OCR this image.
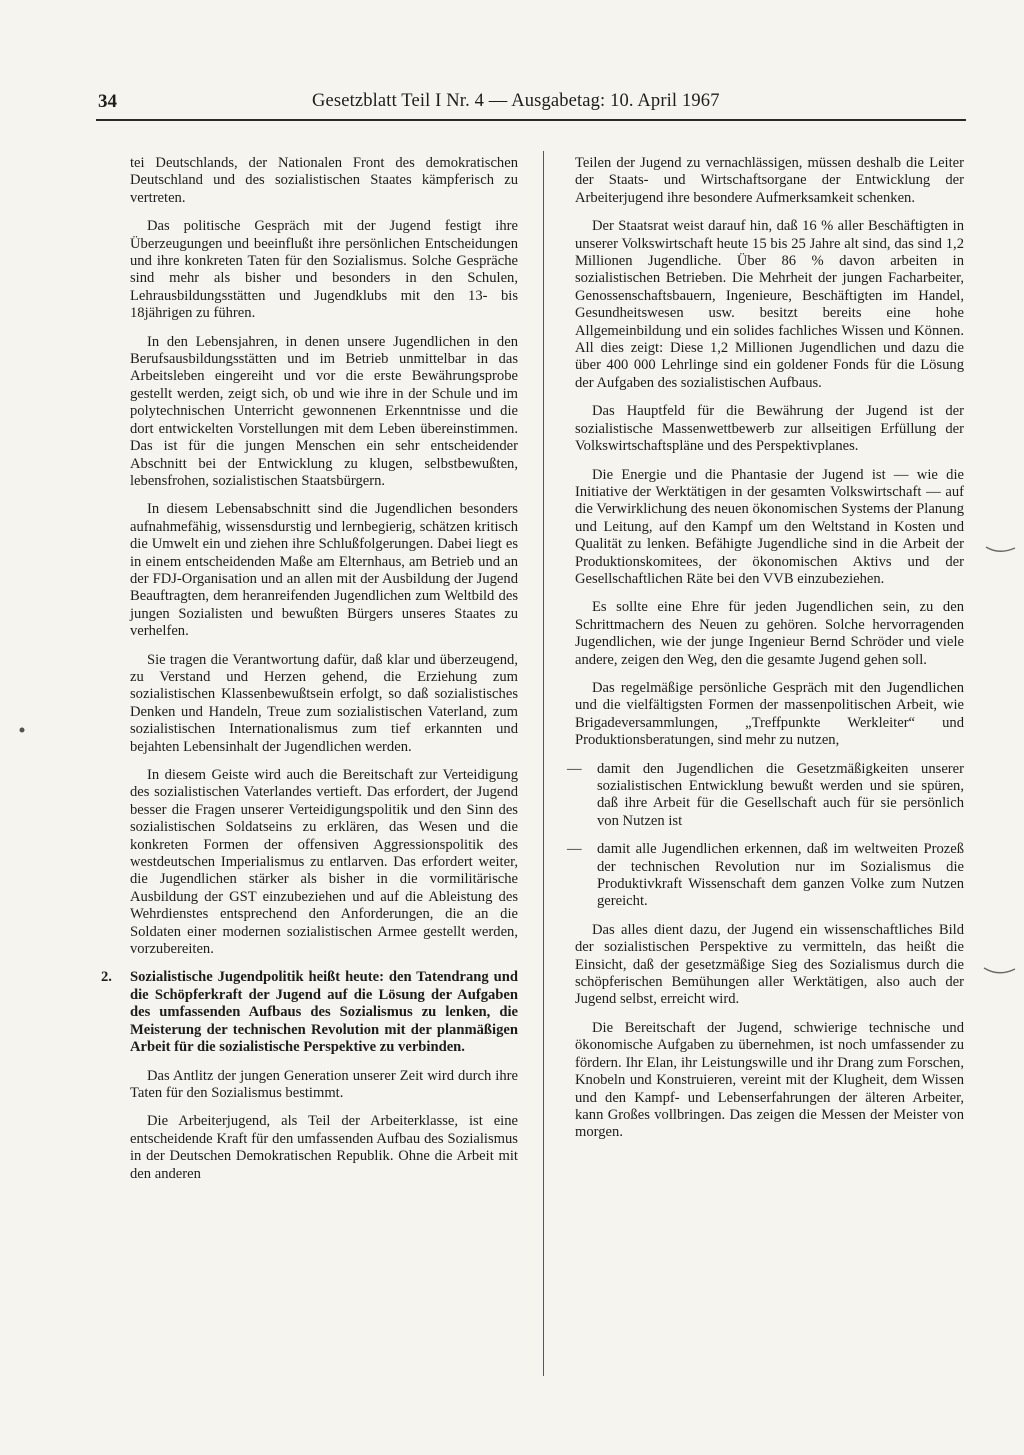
34	Gesetzblatt Teil I Nr. 4 — Ausgabetag: 10. April 1967

tei Deutschlands, der Nationalen Front des demokratischen Deutschland und des sozialistischen Staates kämpferisch zu vertreten.

Das politische Gespräch mit der Jugend festigt ihre Überzeugungen und beeinflußt ihre persönlichen Entscheidungen und ihre konkreten Taten für den Sozialismus. Solche Gespräche sind mehr als bisher und besonders in den Schulen, Lehrausbildungsstätten und Jugendklubs mit den 13- bis 18jährigen zu führen.

In den Lebensjahren, in denen unsere Jugendlichen in den Berufsausbildungsstätten und im Betrieb unmittelbar in das Arbeitsleben eingereiht und vor die erste Bewährungsprobe gestellt werden, zeigt sich, ob und wie ihre in der Schule und im polytechnischen Unterricht gewonnenen Erkenntnisse und die dort entwickelten Vorstellungen mit dem Leben übereinstimmen. Das ist für die jungen Menschen ein sehr entscheidender Abschnitt bei der Entwicklung zu klugen, selbstbewußten, lebensfrohen, sozialistischen Staatsbürgern.

In diesem Lebensabschnitt sind die Jugendlichen besonders aufnahmefähig, wissensdurstig und lernbegierig, schätzen kritisch die Umwelt ein und ziehen ihre Schlußfolgerungen. Dabei liegt es in einem entscheidenden Maße am Elternhaus, am Betrieb und an der FDJ-Organisation und an allen mit der Ausbildung der Jugend Beauftragten, dem heranreifenden Jugendlichen zum Weltbild des jungen Sozialisten und bewußten Bürgers unseres Staates zu verhelfen.

Sie tragen die Verantwortung dafür, daß klar und überzeugend, zu Verstand und Herzen gehend, die Erziehung zum sozialistischen Klassenbewußtsein erfolgt, so daß sozialistisches Denken und Handeln, Treue zum sozialistischen Vaterland, zum sozialistischen Internationalismus zum tief erkannten und bejahten Lebensinhalt der Jugendlichen werden.

In diesem Geiste wird auch die Bereitschaft zur Verteidigung des sozialistischen Vaterlandes vertieft. Das erfordert, der Jugend besser die Fragen unserer Verteidigungspolitik und den Sinn des sozialistischen Soldatseins zu erklären, das Wesen und die konkreten Formen der offensiven Aggressionspolitik des westdeutschen Imperialismus zu entlarven. Das erfordert weiter, die Jugendlichen stärker als bisher in die vormilitärische Ausbildung der GST einzubeziehen und auf die Ableistung des Wehrdienstes entsprechend den Anforderungen, die an die Soldaten einer modernen sozialistischen Armee gestellt werden, vorzubereiten.

2. Sozialistische Jugendpolitik heißt heute: den Tatendrang und die Schöpferkraft der Jugend auf die Lösung der Aufgaben des umfassenden Aufbaus des Sozialismus zu lenken, die Meisterung der technischen Revolution mit der planmäßigen Arbeit für die sozialistische Perspektive zu verbinden.

Das Antlitz der jungen Generation unserer Zeit wird durch ihre Taten für den Sozialismus bestimmt.

Die Arbeiterjugend, als Teil der Arbeiterklasse, ist eine entscheidende Kraft für den umfassenden Aufbau des Sozialismus in der Deutschen Demokratischen Republik. Ohne die Arbeit mit den anderen

Teilen der Jugend zu vernachlässigen, müssen deshalb die Leiter der Staats- und Wirtschaftsorgane der Entwicklung der Arbeiterjugend ihre besondere Aufmerksamkeit schenken.

Der Staatsrat weist darauf hin, daß 16 % aller Beschäftigten in unserer Volkswirtschaft heute 15 bis 25 Jahre alt sind, das sind 1,2 Millionen Jugendliche. Über 86 % davon arbeiten in sozialistischen Betrieben. Die Mehrheit der jungen Facharbeiter, Genossenschaftsbauern, Ingenieure, Beschäftigten im Handel, Gesundheitswesen usw. besitzt bereits eine hohe Allgemeinbildung und ein solides fachliches Wissen und Können. All dies zeigt: Diese 1,2 Millionen Jugendlichen und dazu die über 400 000 Lehrlinge sind ein goldener Fonds für die Lösung der Aufgaben des sozialistischen Aufbaus.

Das Hauptfeld für die Bewährung der Jugend ist der sozialistische Massenwettbewerb zur allseitigen Erfüllung der Volkswirtschaftspläne und des Perspektivplanes.

Die Energie und die Phantasie der Jugend ist — wie die Initiative der Werktätigen in der gesamten Volkswirtschaft — auf die Verwirklichung des neuen ökonomischen Systems der Planung und Leitung, auf den Kampf um den Weltstand in Kosten und Qualität zu lenken. Befähigte Jugendliche sind in die Arbeit der Produktionskomitees, der ökonomischen Aktivs und der Gesellschaftlichen Räte bei den VVB einzubeziehen.

Es sollte eine Ehre für jeden Jugendlichen sein, zu den Schrittmachern des Neuen zu gehören. Solche hervorragenden Jugendlichen, wie der junge Ingenieur Bernd Schröder und viele andere, zeigen den Weg, den die gesamte Jugend gehen soll.

Das regelmäßige persönliche Gespräch mit den Jugendlichen und die vielfältigsten Formen der massenpolitischen Arbeit, wie Brigadeversammlungen, „Treffpunkte Werkleiter“ und Produktionsberatungen, sind mehr zu nutzen,

—	damit den Jugendlichen die Gesetzmäßigkeiten unserer sozialistischen Entwicklung bewußt werden und sie spüren, daß ihre Arbeit für die Gesellschaft auch für sie persönlich von Nutzen ist
—	damit alle Jugendlichen erkennen, daß im weltweiten Prozeß der technischen Revolution nur im Sozialismus die Produktivkraft Wissenschaft dem ganzen Volke zum Nutzen gereicht.

Das alles dient dazu, der Jugend ein wissenschaftliches Bild der sozialistischen Perspektive zu vermitteln, das heißt die Einsicht, daß der gesetzmäßige Sieg des Sozialismus durch die schöpferischen Bemühungen aller Werktätigen, also auch der Jugend selbst, erreicht wird.

Die Bereitschaft der Jugend, schwierige technische und ökonomische Aufgaben zu übernehmen, ist noch umfassender zu fördern. Ihr Elan, ihr Leistungswille und ihr Drang zum Forschen, Knobeln und Konstruieren, vereint mit der Klugheit, dem Wissen und den Kampf- und Lebenserfahrungen der älteren Arbeiter, kann Großes vollbringen. Das zeigen die Messen der Meister von morgen.
